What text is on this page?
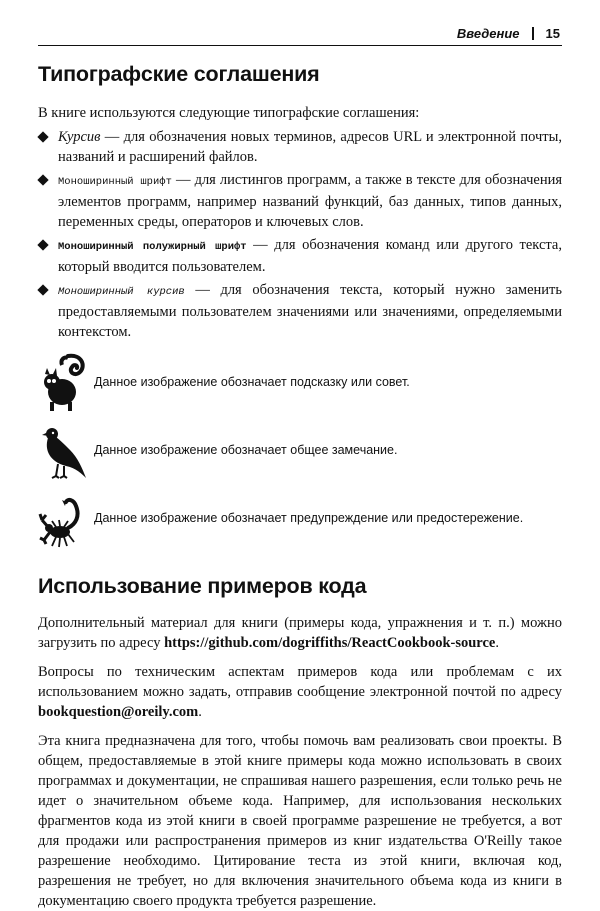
Введение 15
Типографские соглашения

В книге используются следующие типографские соглашения:

Курсив — для обозначения новых терминов, адресов URL и электронной почты, названий и расширений файлов.
Моноширинный шрифт — для листингов программ, а также в тексте для обозначения элементов программ, например названий функций, баз данных, типов данных, переменных среды, операторов и ключевых слов.
Моноширинный полужирный шрифт — для обозначения команд или другого текста, который вводится пользователем.
Моноширинный курсив — для обозначения текста, который нужно заменить предоставляемыми пользователем значениями или значениями, определяемыми контекстом.
Данное изображение обозначает подсказку или совет.
Данное изображение обозначает общее замечание.
Данное изображение обозначает предупреждение или предостережение.
Использование примеров кода

Дополнительный материал для книги (примеры кода, упражнения и т. п.) можно загрузить по адресу https://github.com/dogriffiths/ReactCookbook-source.

Вопросы по техническим аспектам примеров кода или проблемам с их использованием можно задать, отправив сообщение электронной почтой по адресу bookquestion@oreily.com.

Эта книга предназначена для того, чтобы помочь вам реализовать свои проекты. В общем, предоставляемые в этой книге примеры кода можно использовать в своих программах и документации, не спрашивая нашего разрешения, если только речь не идет о значительном объеме кода. Например, для использования нескольких фрагментов кода из этой книги в своей программе разрешение не требуется, а вот для продажи или распространения примеров из книг издательства O'Reilly такое разрешение необходимо. Цитирование теста из этой книги, включая код, разрешения не требует, но для включения значительного объема кода из книги в документацию своего продукта требуется разрешение.
